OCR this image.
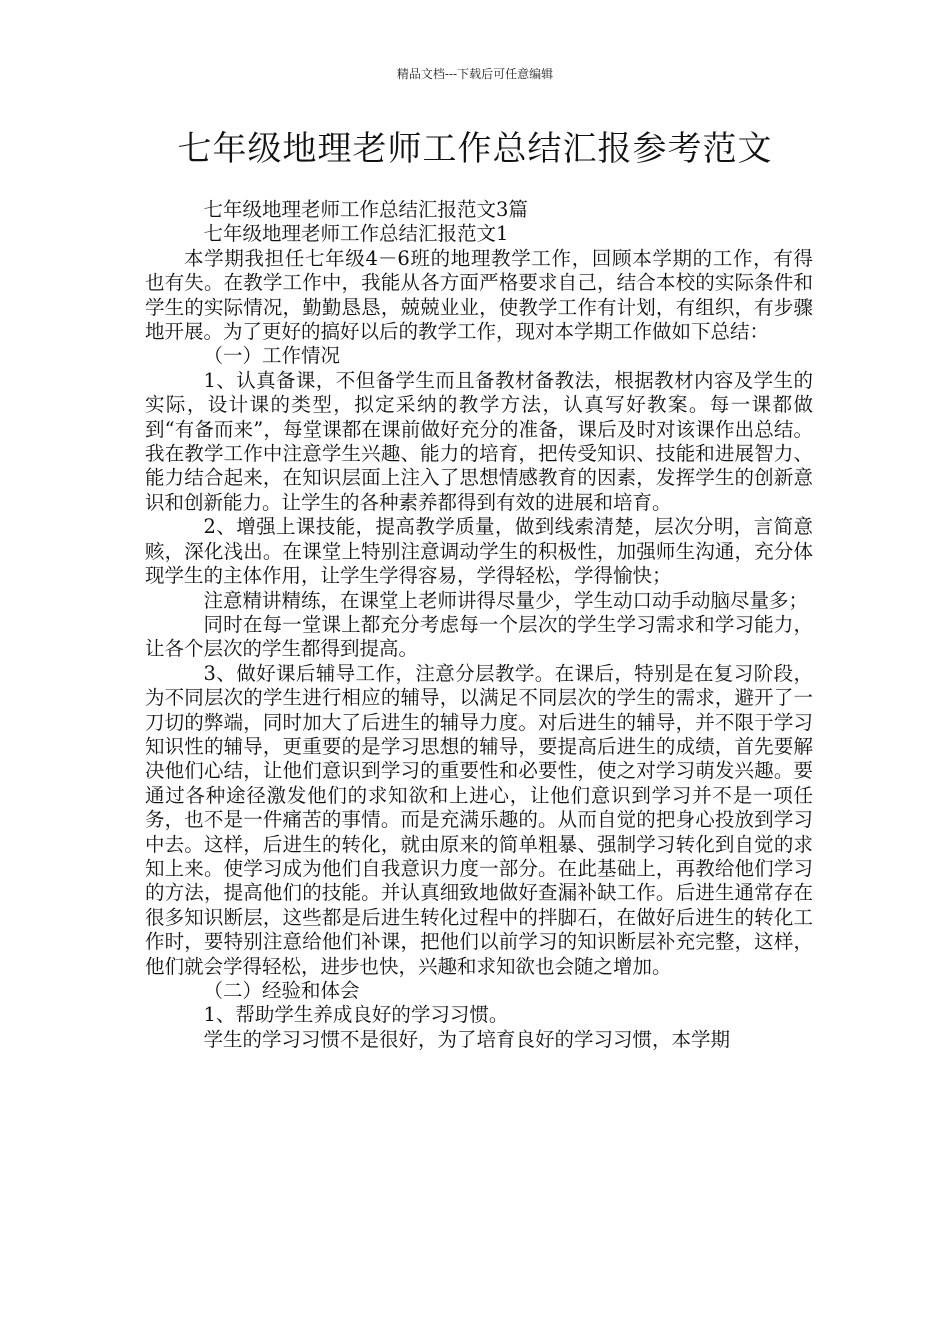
精品文档---下载后可任意编辑
七年级地理老师工作总结汇报参考范文

七年级地理老师工作总结汇报范文3篇

七年级地理老师工作总结汇报范文1

本学期我担任七年级4－6班的地理教学工作，回顾本学期的工作，有得也有失。在教学工作中，我能从各方面严格要求自己，结合本校的实际条件和学生的实际情况，勤勤恳恳，兢兢业业，使教学工作有计划，有组织，有步骤地开展。为了更好的搞好以后的教学工作，现对本学期工作做如下总结：

（一）工作情况

1、认真备课，不但备学生而且备教材备教法，根据教材内容及学生的实际，设计课的类型，拟定采纳的教学方法，认真写好教案。每一课都做到“有备而来”，每堂课都在课前做好充分的准备，课后及时对该课作出总结。我在教学工作中注意学生兴趣、能力的培育，把传受知识、技能和进展智力、能力结合起来，在知识层面上注入了思想情感教育的因素，发挥学生的创新意识和创新能力。让学生的各种素养都得到有效的进展和培育。

2、增强上课技能，提高教学质量，做到线索清楚，层次分明，言简意赅，深化浅出。在课堂上特别注意调动学生的积极性，加强师生沟通，充分体现学生的主体作用，让学生学得容易，学得轻松，学得愉快；

注意精讲精练，在课堂上老师讲得尽量少，学生动口动手动脑尽量多；

同时在每一堂课上都充分考虑每一个层次的学生学习需求和学习能力，让各个层次的学生都得到提高。

3、做好课后辅导工作，注意分层教学。在课后，特别是在复习阶段，为不同层次的学生进行相应的辅导，以满足不同层次的学生的需求，避开了一刀切的弊端，同时加大了后进生的辅导力度。对后进生的辅导，并不限于学习知识性的辅导，更重要的是学习思想的辅导，要提高后进生的成绩，首先要解决他们心结，让他们意识到学习的重要性和必要性，使之对学习萌发兴趣。要通过各种途径激发他们的求知欲和上进心，让他们意识到学习并不是一项任务，也不是一件痛苦的事情。而是充满乐趣的。从而自觉的把身心投放到学习中去。这样，后进生的转化，就由原来的简单粗暴、强制学习转化到自觉的求知上来。使学习成为他们自我意识力度一部分。在此基础上，再教给他们学习的方法，提高他们的技能。并认真细致地做好查漏补缺工作。后进生通常存在很多知识断层，这些都是后进生转化过程中的拌脚石，在做好后进生的转化工作时，要特别注意给他们补课，把他们以前学习的知识断层补充完整，这样，他们就会学得轻松，进步也快，兴趣和求知欲也会随之增加。

（二）经验和体会

1、帮助学生养成良好的学习习惯。

学生的学习习惯不是很好，为了培育良好的学习习惯，本学期
